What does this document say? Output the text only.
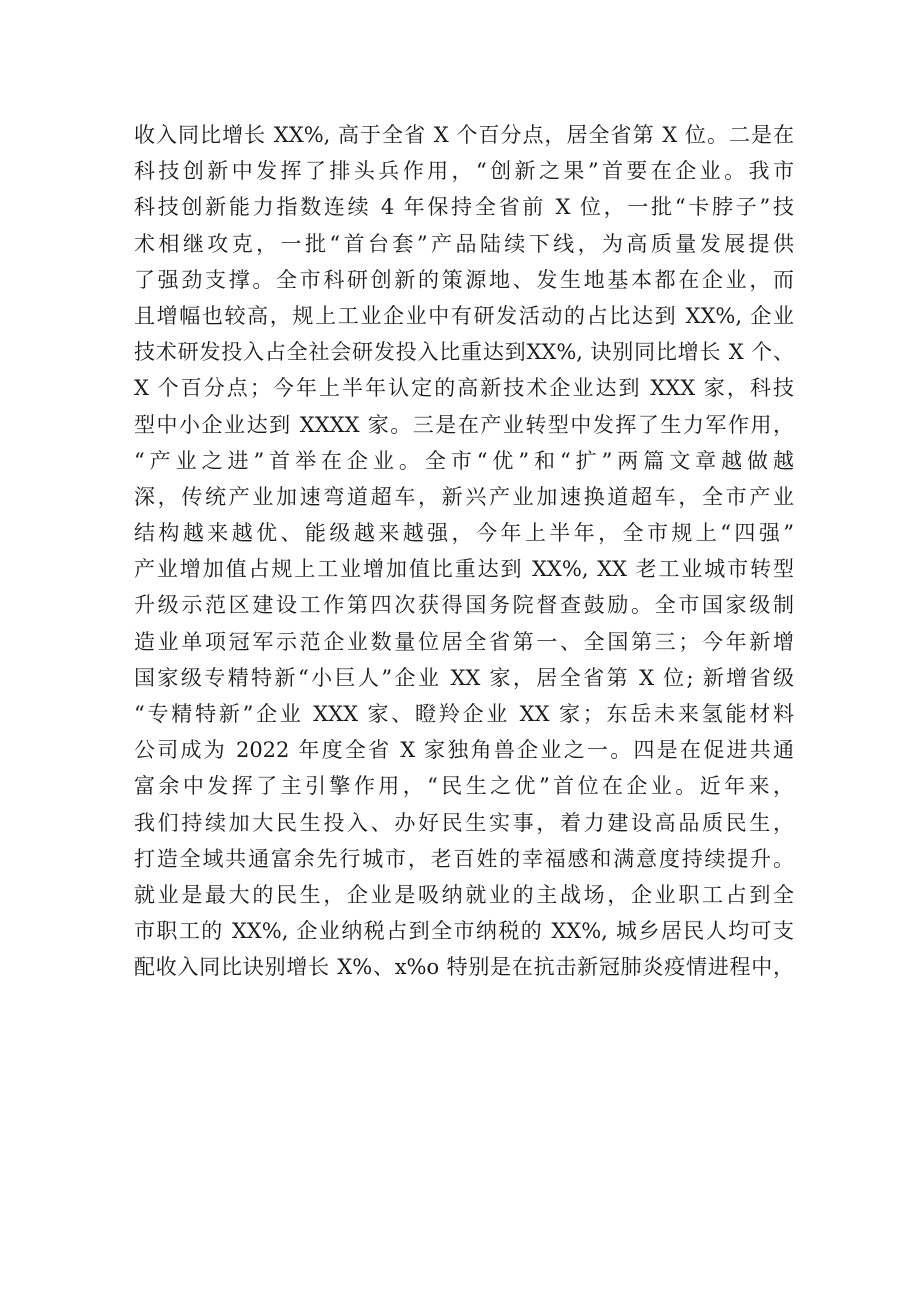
收入同比增长 XX%, 高于全省 X 个百分点，居全省第 X 位。二是在
科技创新中发挥了排头兵作用，“创新之果”首要在企业。我市
科技创新能力指数连续 4 年保持全省前 X 位，一批“卡脖子”技
术相继攻克，一批“首台套”产品陆续下线，为高质量发展提供
了强劲支撑。全市科研创新的策源地、发生地基本都在企业，而
且增幅也较高，规上工业企业中有研发活动的占比达到 XX%, 企业
技术研发投入占全社会研发投入比重达到XX%, 诀别同比增长 X 个、
X 个百分点；今年上半年认定的高新技术企业达到 XXX 家，科技
型中小企业达到 XXXX 家。三是在产业转型中发挥了生力军作用，
“产业之进”首举在企业。全市“优”和“扩”两篇文章越做越
深，传统产业加速弯道超车，新兴产业加速换道超车，全市产业
结构越来越优、能级越来越强，今年上半年，全市规上“四强”
产业增加值占规上工业增加值比重达到 XX%, XX 老工业城市转型
升级示范区建设工作第四次获得国务院督查鼓励。全市国家级制
造业单项冠军示范企业数量位居全省第一、全国第三；今年新增
国家级专精特新“小巨人”企业 XX 家，居全省第 X 位; 新增省级
“专精特新”企业 XXX 家、瞪羚企业 XX 家；东岳未来氢能材料
公司成为 2022 年度全省 X 家独角兽企业之一。四是在促进共通
富余中发挥了主引擎作用，“民生之优”首位在企业。近年来，
我们持续加大民生投入、办好民生实事，着力建设高品质民生，
打造全域共通富余先行城市，老百姓的幸福感和满意度持续提升。
就业是最大的民生，企业是吸纳就业的主战场，企业职工占到全
市职工的 XX%, 企业纳税占到全市纳税的 XX%, 城乡居民人均可支
配收入同比诀别增长 X%、x%o 特别是在抗击新冠肺炎疫情进程中，
